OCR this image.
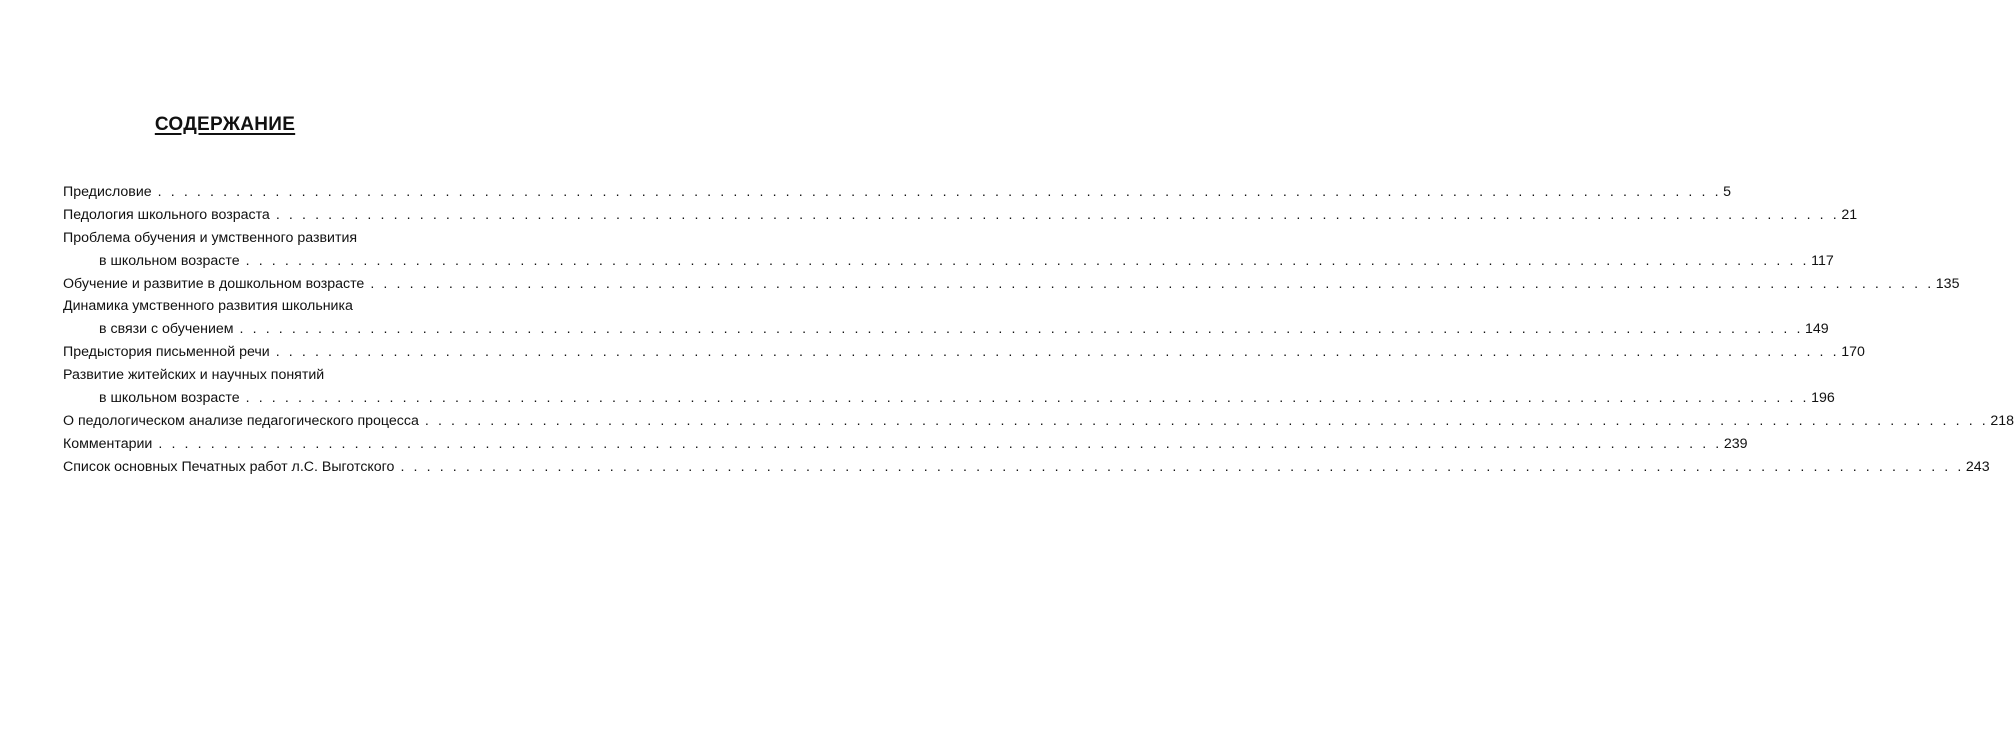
СОДЕРЖАНИЕ
Предисловие . . . . . . . . . . . . . . . . . . . . . . . . . . . . . . . . . . . . . . . . . . . . . . . . . . . . . . . . . . . . . . . . . . . . . . . . . . . . . . . . . . . . . . . . . . . . . . . . . . . . . . . . . . . . . . . . . . . . . . . . 5
Педология школьного возраста . . . . . . . . . . . . . . . . . . . . . . . . . . . . . . . . . . . . . . . . . . . . . . . . . . . . . . . . . . . . . . . . . . . . . . . . . . . . . . . . . . . . . . . . . . . . . . . . . . . . . . . . . . . . . . . . . . . . . . . . 21
Проблема обучения и умственного развития
в школьном возрасте . . . . . . . . . . . . . . . . . . . . . . . . . . . . . . . . . . . . . . . . . . . . . . . . . . . . . . . . . . . . . . . . . . . . . . . . . . . . . . . . . . . . . . . . . . . . . . . . . . . . . . . . . . . . . . . . . . . . . . . . 117
Обучение и развитие в дошкольном возрасте . . . . . . . . . . . . . . . . . . . . . . . . . . . . . . . . . . . . . . . . . . . . . . . . . . . . . . . . . . . . . . . . . . . . . . . . . . . . . . . . . . . . . . . . . . . . . . . . . . . . . . . . . . . . . . . . . . . . . . . . 135
Динамика умственного развития школьника
в связи с обучением . . . . . . . . . . . . . . . . . . . . . . . . . . . . . . . . . . . . . . . . . . . . . . . . . . . . . . . . . . . . . . . . . . . . . . . . . . . . . . . . . . . . . . . . . . . . . . . . . . . . . . . . . . . . . . . . . . . . . . . . 149
Предыстория письменной речи . . . . . . . . . . . . . . . . . . . . . . . . . . . . . . . . . . . . . . . . . . . . . . . . . . . . . . . . . . . . . . . . . . . . . . . . . . . . . . . . . . . . . . . . . . . . . . . . . . . . . . . . . . . . . . . . . . . . . . . . 170
Развитие житейских и научных понятий
в школьном возрасте . . . . . . . . . . . . . . . . . . . . . . . . . . . . . . . . . . . . . . . . . . . . . . . . . . . . . . . . . . . . . . . . . . . . . . . . . . . . . . . . . . . . . . . . . . . . . . . . . . . . . . . . . . . . . . . . . . . . . . . . 196
О педологическом анализе педагогического процесса . . . . . . . . . . . . . . . . . . . . . . . . . . . . . . . . . . . . . . . . . . . . . . . . . . . . . . . . . . . . . . . . . . . . . . . . . . . . . . . . . . . . . . . . . . . . . . . . . . . . . . . . . . . . . . . . . . . . . . . . 218
Комментарии . . . . . . . . . . . . . . . . . . . . . . . . . . . . . . . . . . . . . . . . . . . . . . . . . . . . . . . . . . . . . . . . . . . . . . . . . . . . . . . . . . . . . . . . . . . . . . . . . . . . . . . . . . . . . . . . . . . . . . . . 239
Список основных Печатных работ л.С. Выготского . . . . . . . . . . . . . . . . . . . . . . . . . . . . . . . . . . . . . . . . . . . . . . . . . . . . . . . . . . . . . . . . . . . . . . . . . . . . . . . . . . . . . . . . . . . . . . . . . . . . . . . . . . . . . . . . . . . . . . . . 243
